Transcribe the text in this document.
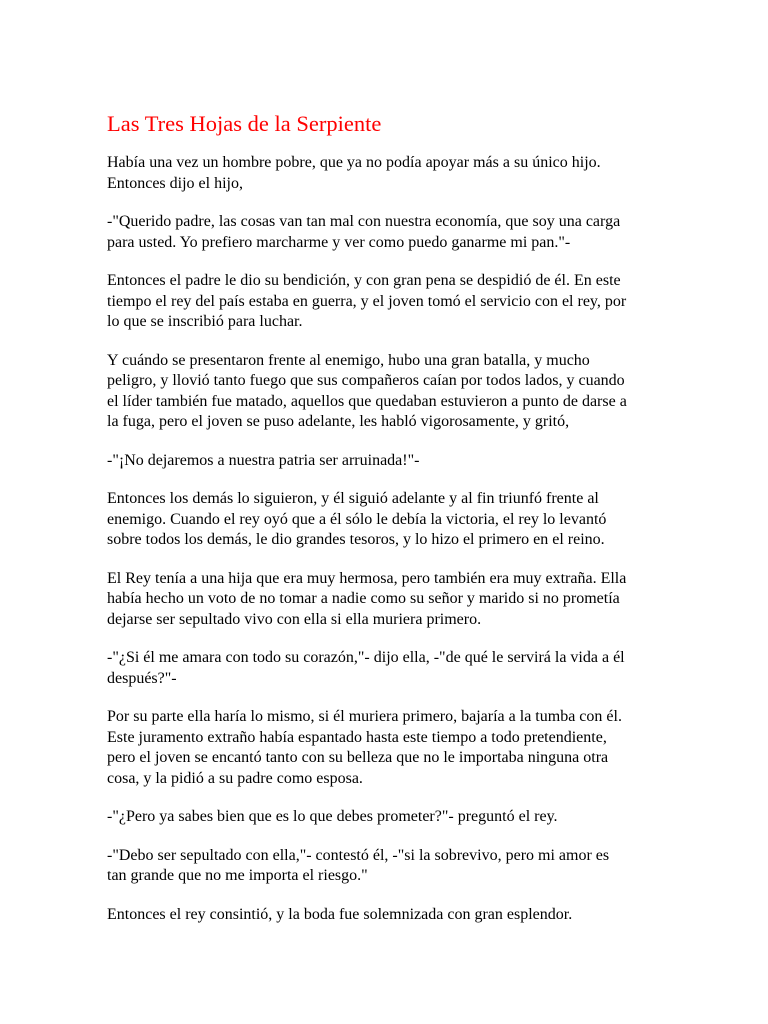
Las Tres Hojas de la Serpiente

Había una vez un hombre pobre, que ya no podía apoyar más a su único hijo.
Entonces dijo el hijo,

-"Querido padre, las cosas van tan mal con nuestra economía, que soy una carga
para usted. Yo prefiero marcharme y ver como puedo ganarme mi pan."-

Entonces el padre le dio su bendición, y con gran pena se despidió de él. En este
tiempo el rey del país estaba en guerra, y el joven tomó el servicio con el rey, por
lo que se inscribió para luchar.

Y cuándo se presentaron frente al enemigo, hubo una gran batalla, y mucho
peligro, y llovió tanto fuego que sus compañeros caían por todos lados, y cuando
el líder también fue matado, aquellos que quedaban estuvieron a punto de darse a
la fuga, pero el joven se puso adelante, les habló vigorosamente, y gritó,

-"¡No dejaremos a nuestra patria ser arruinada!"-

Entonces los demás lo siguieron, y él siguió adelante y al fin triunfó frente al
enemigo. Cuando el rey oyó que a él sólo le debía la victoria, el rey lo levantó
sobre todos los demás, le dio grandes tesoros, y lo hizo el primero en el reino.

El Rey tenía a una hija que era muy hermosa, pero también era muy extraña. Ella
había hecho un voto de no tomar a nadie como su señor y marido si no prometía
dejarse ser sepultado vivo con ella si ella muriera primero.

-"¿Si él me amara con todo su corazón,"- dijo ella, -"de qué le servirá la vida a él
después?"-

Por su parte ella haría lo mismo, si él muriera primero, bajaría a la tumba con él.
Este juramento extraño había espantado hasta este tiempo a todo pretendiente,
pero el joven se encantó tanto con su belleza que no le importaba ninguna otra
cosa, y la pidió a su padre como esposa.

-"¿Pero ya sabes bien que es lo que debes prometer?"- preguntó el rey.

-"Debo ser sepultado con ella,"- contestó él, -"si la sobrevivo, pero mi amor es
tan grande que no me importa el riesgo."

Entonces el rey consintió, y la boda fue solemnizada con gran esplendor.
